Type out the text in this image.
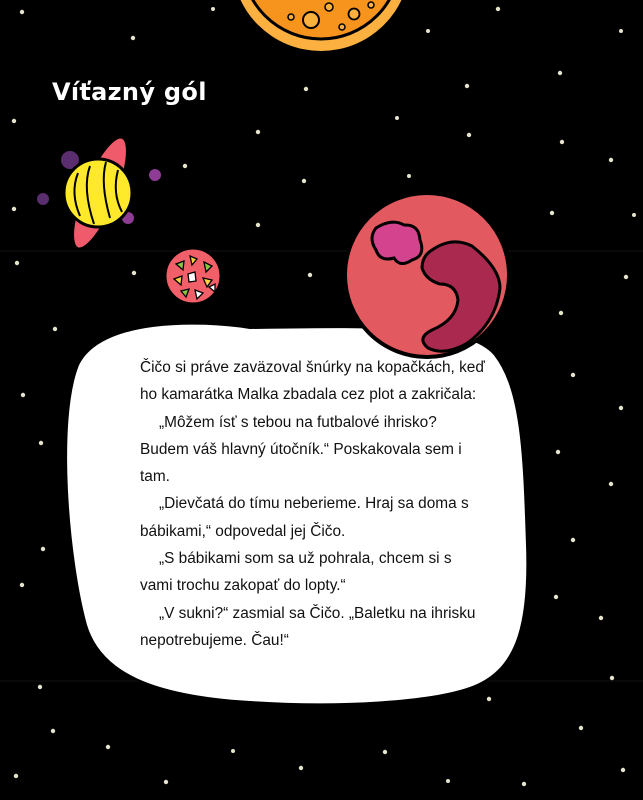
Víťazný gól

Čičo si práve zaväzoval šnúrky na kopačkách, keď ho kamarátka Malka zbadala cez plot a zakričala:

„Môžem ísť s tebou na futbalové ihrisko? Budem váš hlavný útočník.“ Poskakovala sem i tam.

„Dievčatá do tímu neberieme. Hraj sa doma s bábikami,“ odpovedal jej Čičo.

„S bábikami som sa už pohrala, chcem si s vami trochu zakopať do lopty.“

„V sukni?“ zasmial sa Čičo. „Baletku na ihrisku nepotrebujeme. Čau!“
